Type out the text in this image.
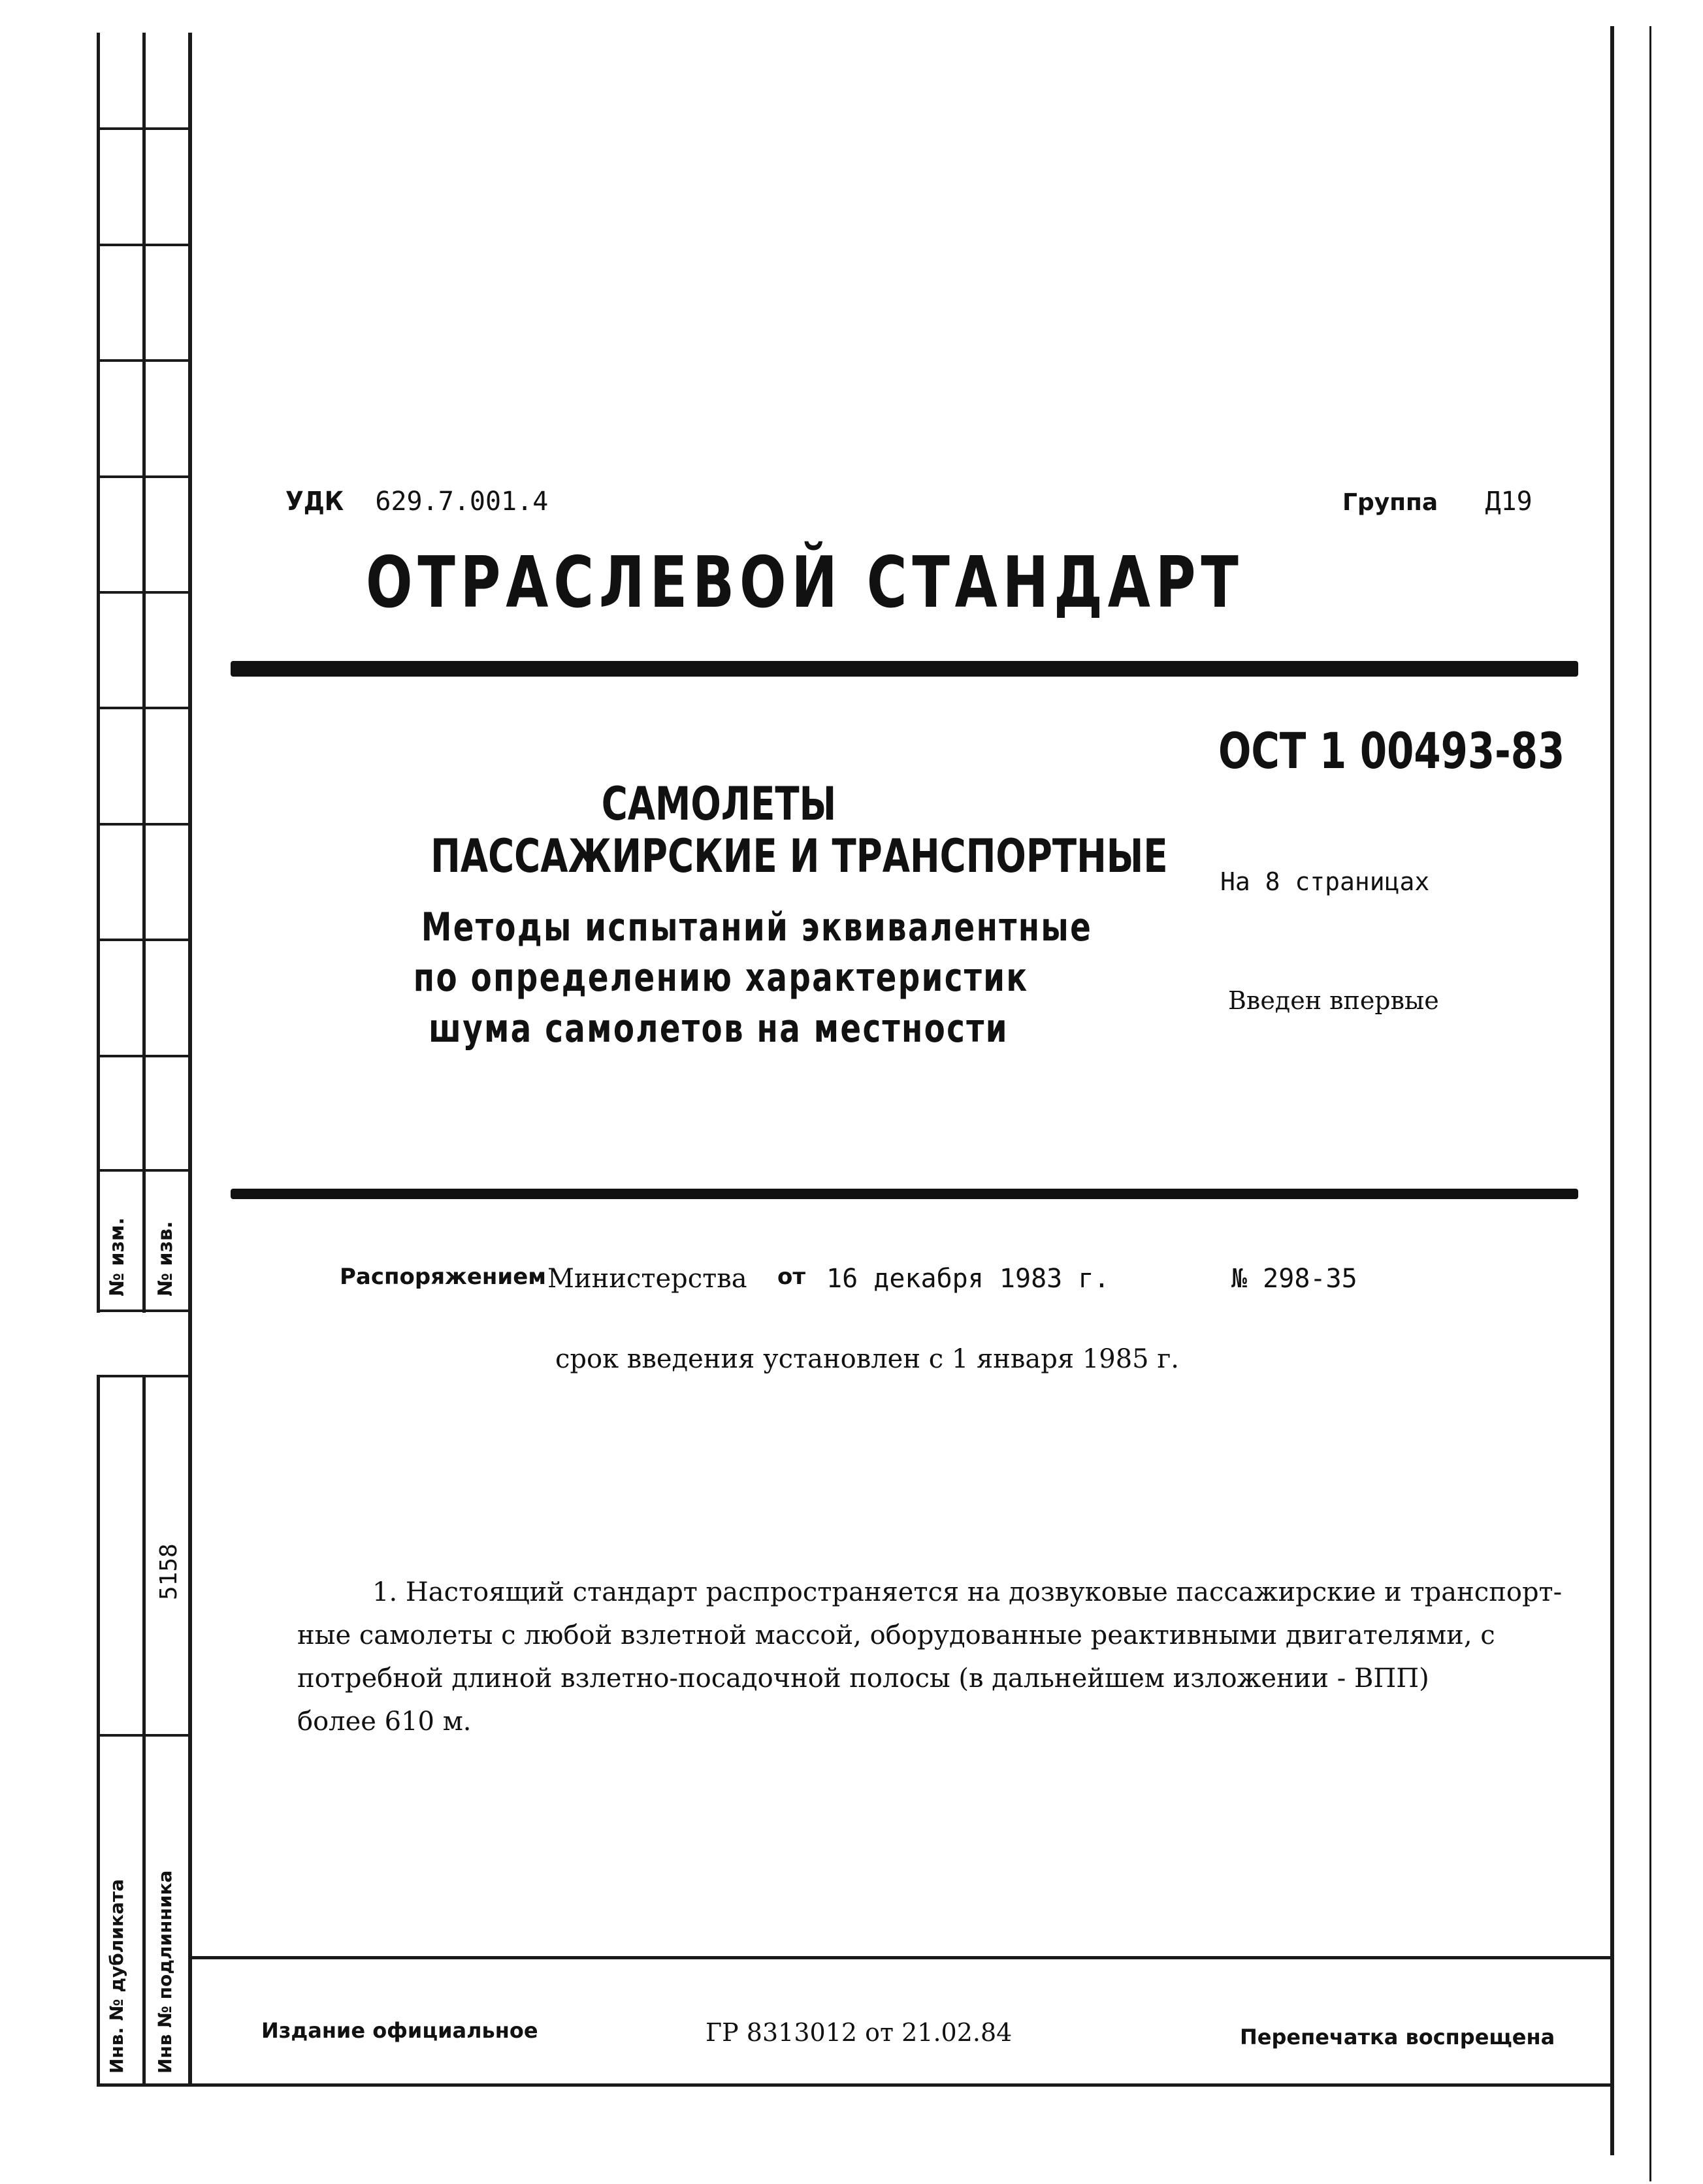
№ изм. № изв.
5158
Инв. № дубликата Инв № подлинника
УДК 629.7.001.4	Группа Д19
ОТРАСЛЕВОЙ СТАНДАРТ
ОСТ 1 00493-83
На 8 страницах
Введен впервые
САМОЛЕТЫ
ПАССАЖИРСКИЕ И ТРАНСПОРТНЫЕ
Методы испытаний эквивалентные
по определению характеристик
шума самолетов на местности
Распоряжением Министерства от 16 декабря 1983 г.	№ 298-35
срок введения установлен с 1 января 1985 г.
1. Настоящий стандарт распространяется на дозвуковые пассажирские и транспорт-
ные самолеты с любой взлетной массой, оборудованные реактивными двигателями, с
потребной длиной взлетно-посадочной полосы (в дальнейшем изложении - ВПП)
более 610 м.
Издание официальное	ГР 8313012 от 21.02.84	Перепечатка воспрещена
